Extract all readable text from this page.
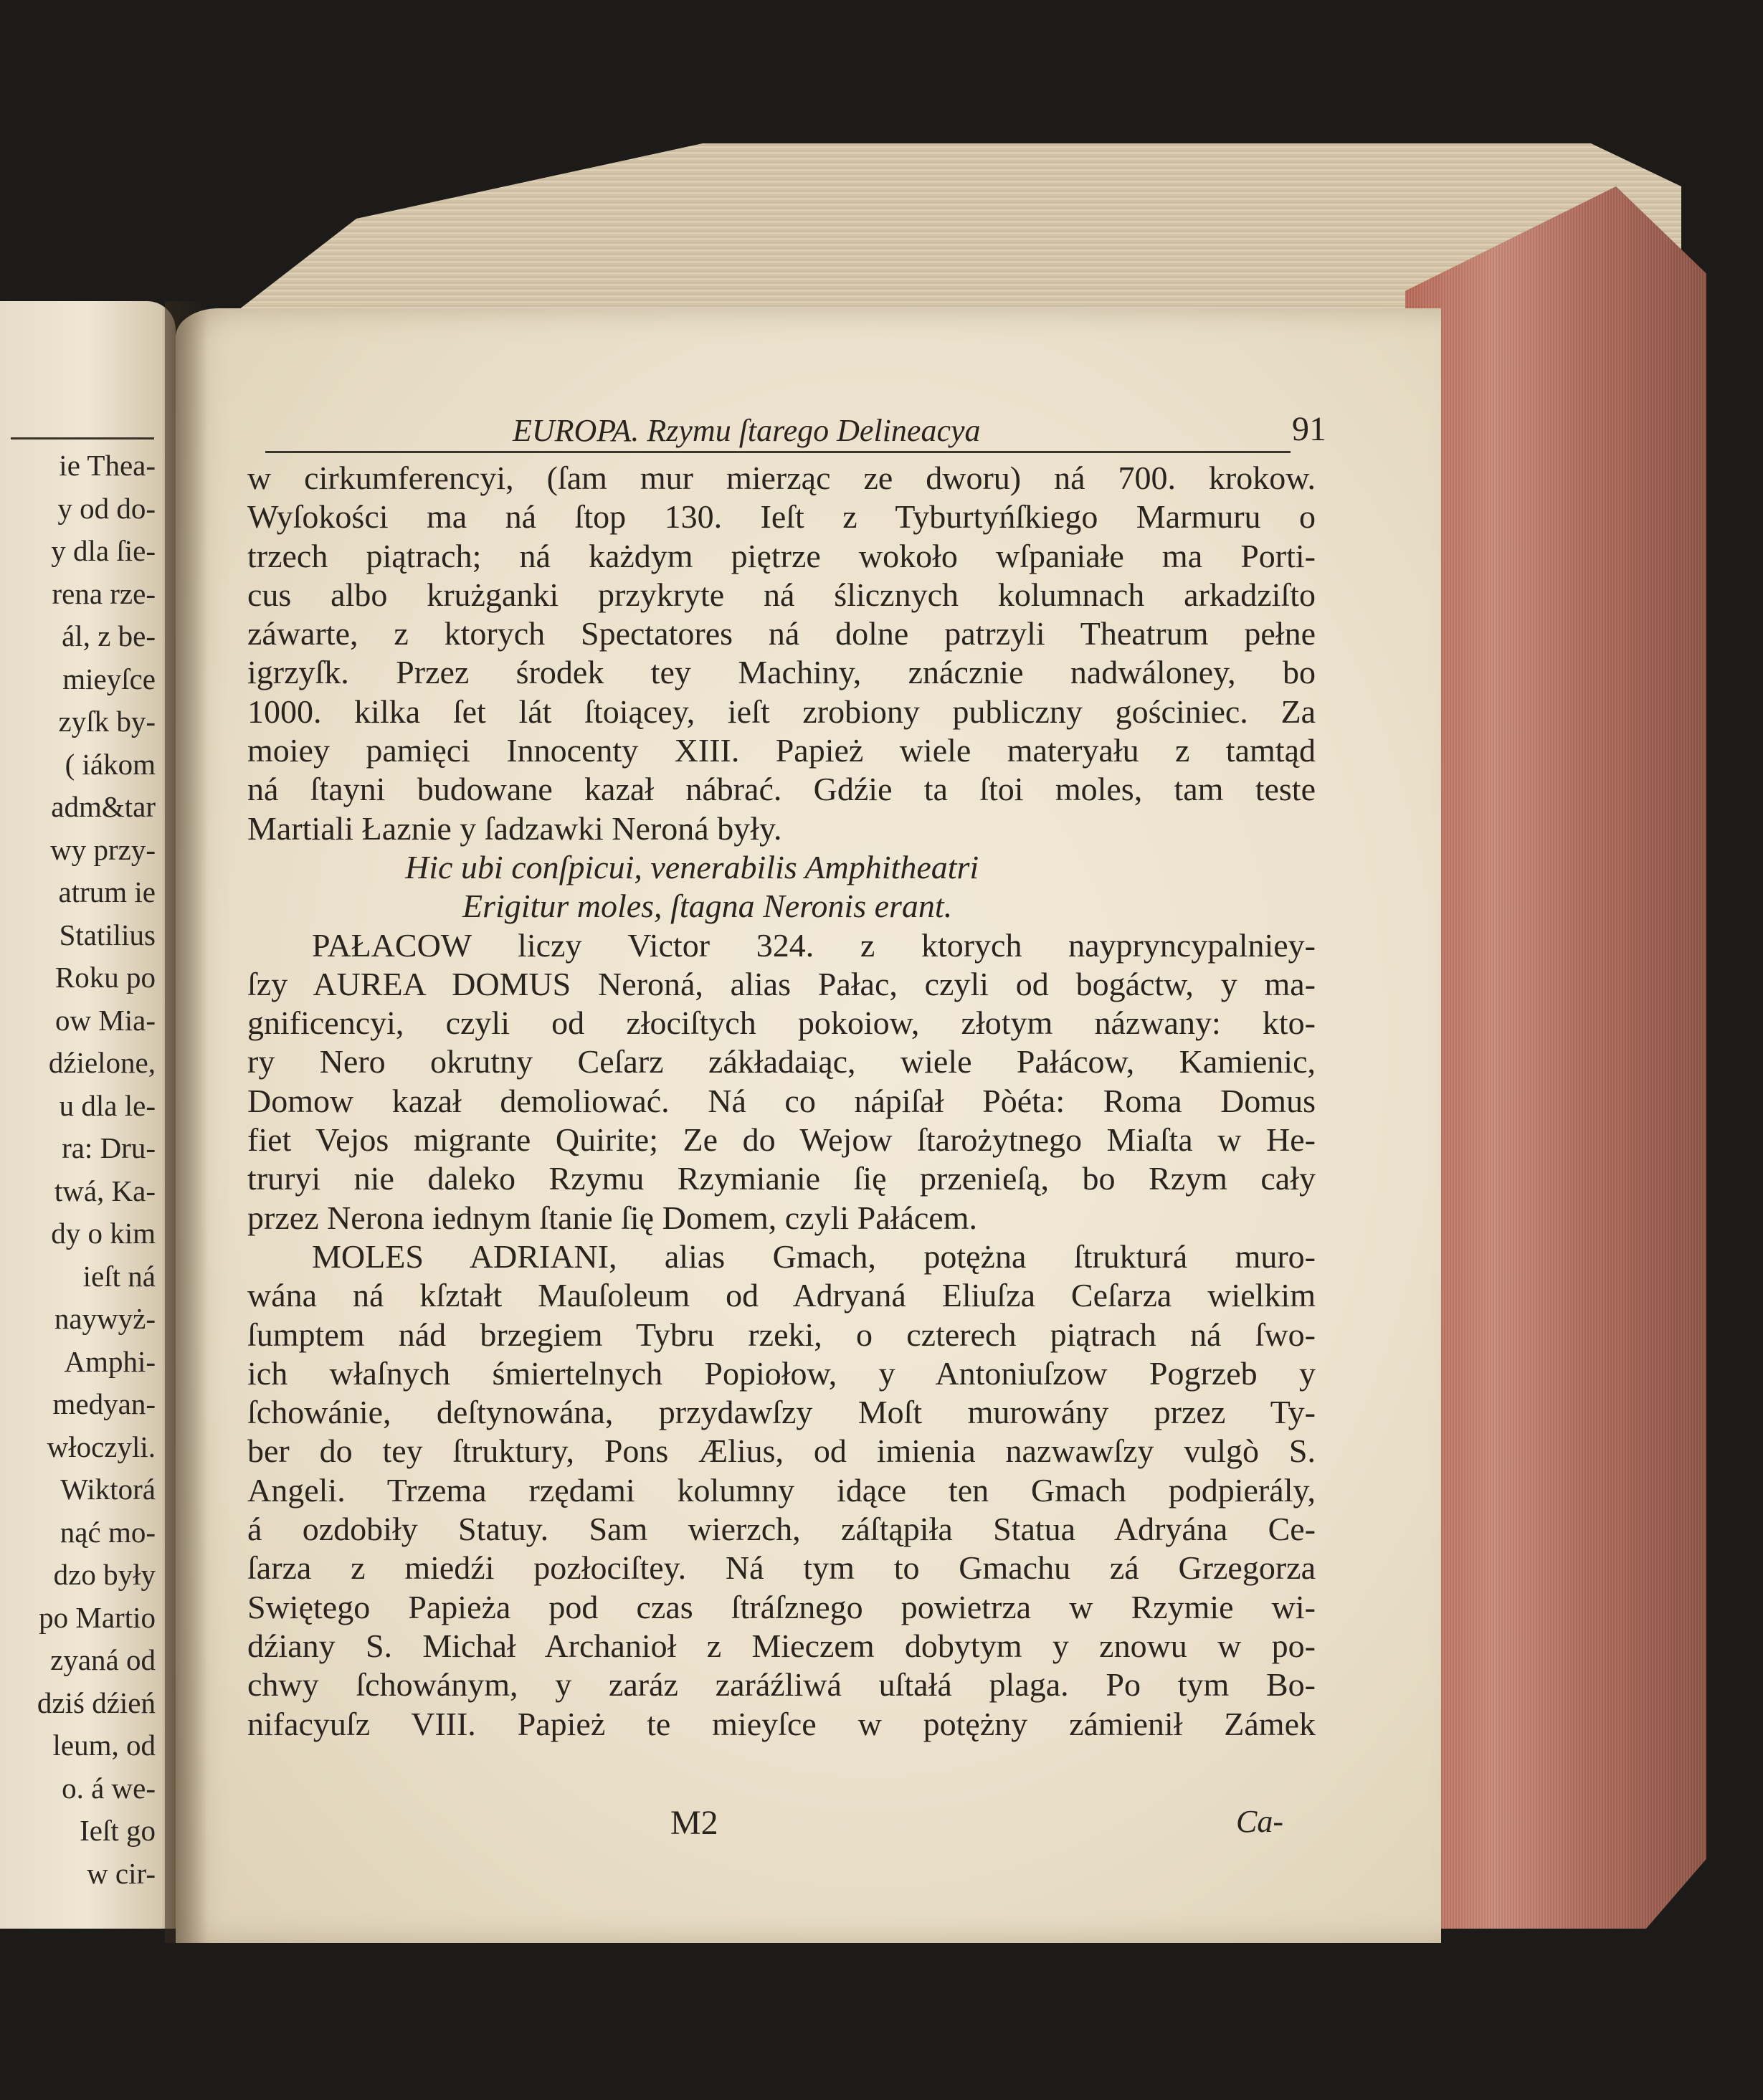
ie Thea-
y od do-
y dla ſie-
rena rze-
ál, z be-
mieyſce
zyſk by-
( iákom
adm&tar
wy przy-
atrum ie
Statilius
Roku po
ow Mia-
dźielone,
u dla le-
ra: Dru-
twá, Ka-
dy o kim
ieſt ná
naywyż-
Amphi-
medyan-
włoczyli.
Wiktorá
nąć mo-
dzo były
po Martio
zyaná od
dziś dźień
leum, od
o. á we-
Ieſt go
w cir-
EUROPA. Rzymu ſtarego Delineacya	91
w cirkumferencyi, (ſam mur mierząc ze dworu) ná 700. krokow.
Wyſokości ma ná ſtop 130. Ieſt z Tyburtyńſkiego Marmuru o
trzech piątrach; ná każdym piętrze wokoło wſpaniałe ma Porti-
cus albo krużganki przykryte ná ślicznych kolumnach arkadziſto
záwarte, z ktorych Spectatores ná dolne patrzyli Theatrum pełne
igrzyſk. Przez środek tey Machiny, znácznie nadwáloney, bo
1000. kilka ſet lát ſtoiącey, ieſt zrobiony publiczny gościniec. Za
moiey pamięci Innocenty XIII. Papież wiele materyału z tamtąd
ná ſtayni budowane kazał nábrać. Gdźie ta ſtoi moles, tam teste
Martiali Łaznie y ſadzawki Neroná były.
Hic ubi conſpicui, venerabilis Amphitheatri
Erigitur moles, ſtagna Neronis erant.
PAŁACOW liczy Victor 324. z ktorych naypryncypalniey-
ſzy AUREA DOMUS Neroná, alias Pałac, czyli od bogáctw, y ma-
gnificencyi, czyli od złociſtych pokoiow, złotym názwany: kto-
ry Nero okrutny Ceſarz zákładaiąc, wiele Pałácow, Kamienic,
Domow kazał demoliować. Ná co nápiſał Pòéta: Roma Domus
fiet Vejos migrante Quirite; Ze do Wejow ſtarożytnego Miaſta w He-
truryi nie daleko Rzymu Rzymianie ſię przenieſą, bo Rzym cały
przez Nerona iednym ſtanie ſię Domem, czyli Pałácem.
MOLES ADRIANI, alias Gmach, potężna ſtrukturá muro-
wána ná kſztałt Mauſoleum od Adryaná Eliuſza Ceſarza wielkim
ſumptem nád brzegiem Tybru rzeki, o czterech piątrach ná ſwo-
ich właſnych śmiertelnych Popiołow, y Antoniuſzow Pogrzeb y
ſchowánie, deſtynowána, przydawſzy Moſt murowány przez Ty-
ber do tey ſtruktury, Pons Ælius, od imienia nazwawſzy vulgò S.
Angeli. Trzema rzędami kolumny idące ten Gmach podpierály,
á ozdobiły Statuy. Sam wierzch, záſtąpiła Statua Adryána Ce-
ſarza z miedźi pozłociſtey. Ná tym to Gmachu zá Grzegorza
Swiętego Papieża pod czas ſtráſznego powietrza w Rzymie wi-
dźiany S. Michał Archanioł z Mieczem dobytym y znowu w po-
chwy ſchowánym, y zaráz zaráźliwá uſtałá plaga. Po tym Bo-
nifacyuſz VIII. Papież te mieyſce w potężny zámienił Zámek
M2	Ca-
